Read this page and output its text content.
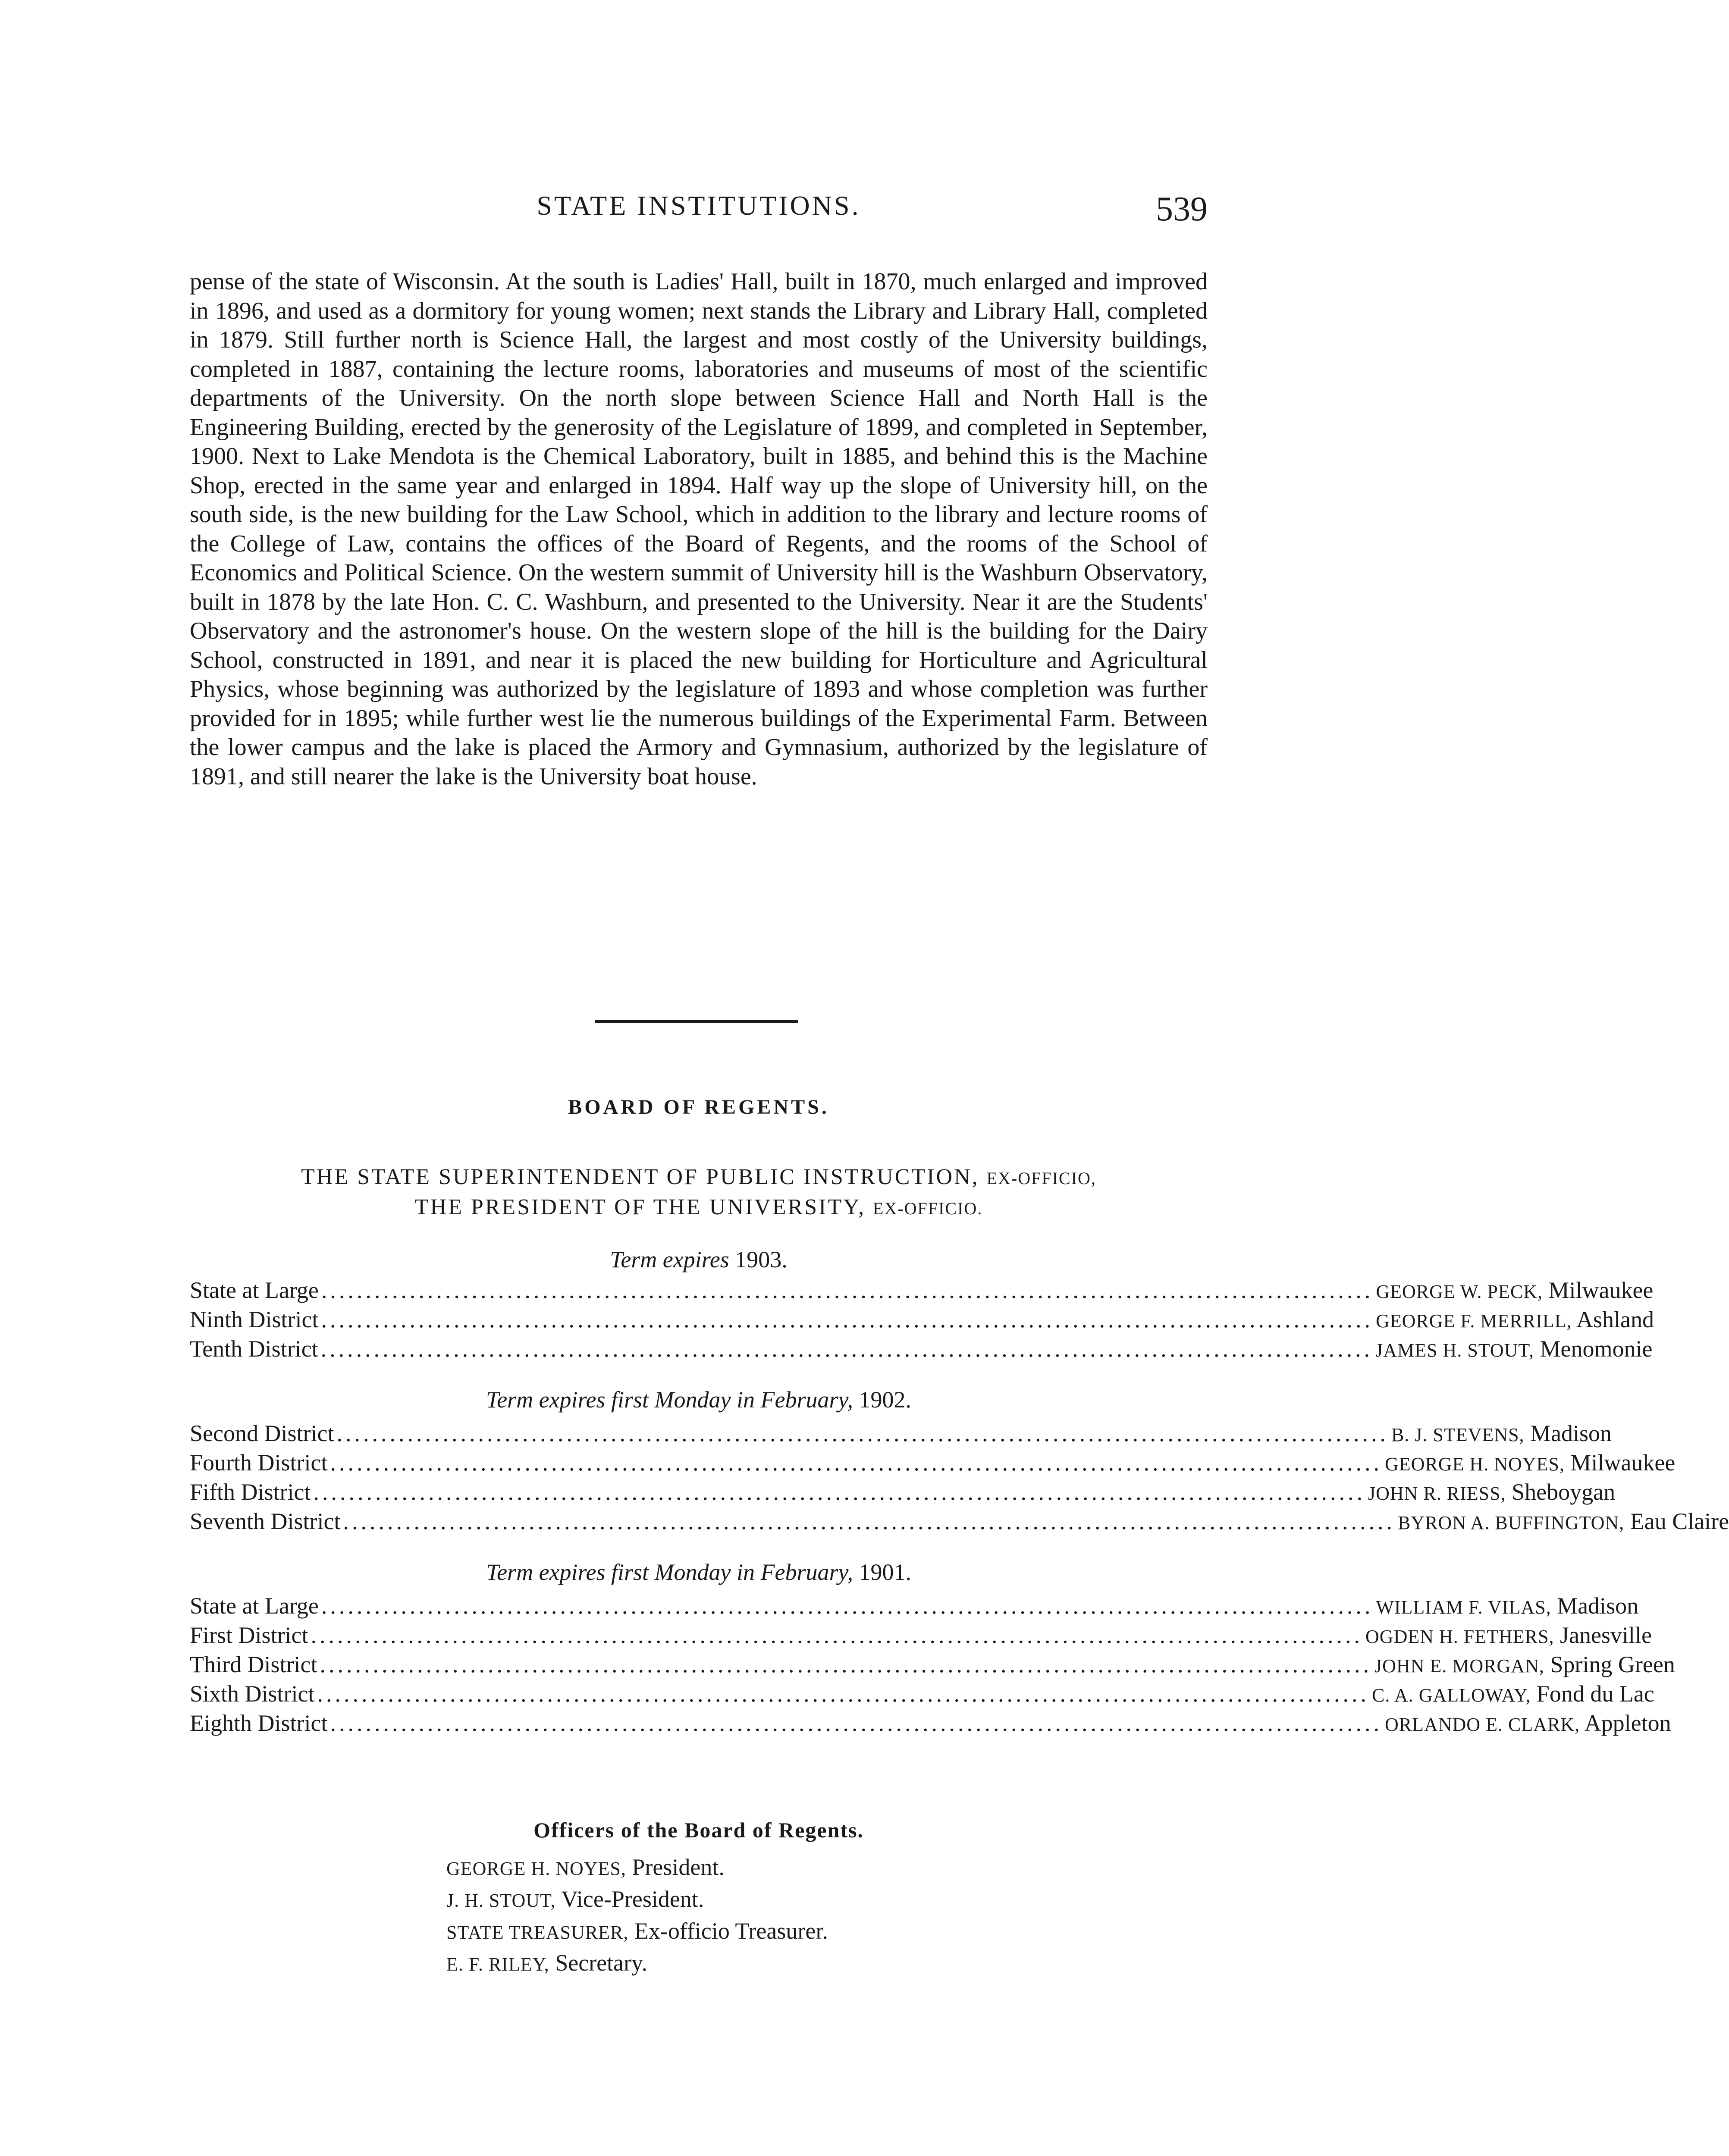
STATE INSTITUTIONS.	539

pense of the state of Wisconsin. At the south is Ladies' Hall, built in 1870, much enlarged and improved in 1896, and used as a dormitory for young women; next stands the Library and Library Hall, completed in 1879. Still further north is Science Hall, the largest and most costly of the University buildings, completed in 1887, containing the lecture rooms, laboratories and museums of most of the scientific departments of the University. On the north slope between Science Hall and North Hall is the Engineering Building, erected by the generosity of the Legislature of 1899, and completed in September, 1900. Next to Lake Mendota is the Chemical Laboratory, built in 1885, and behind this is the Machine Shop, erected in the same year and enlarged in 1894. Half way up the slope of University hill, on the south side, is the new building for the Law School, which in addition to the library and lecture rooms of the College of Law, contains the offices of the Board of Regents, and the rooms of the School of Economics and Political Science. On the western summit of University hill is the Washburn Observatory, built in 1878 by the late Hon. C. C. Washburn, and presented to the University. Near it are the Students' Observatory and the astronomer's house. On the western slope of the hill is the building for the Dairy School, constructed in 1891, and near it is placed the new building for Horticulture and Agricultural Physics, whose beginning was authorized by the legislature of 1893 and whose completion was further provided for in 1895; while further west lie the numerous buildings of the Experimental Farm. Between the lower campus and the lake is placed the Armory and Gymnasium, authorized by the legislature of 1891, and still nearer the lake is the University boat house.

BOARD OF REGENTS.
THE STATE SUPERINTENDENT OF PUBLIC INSTRUCTION, EX-OFFICIO,
THE PRESIDENT OF THE UNIVERSITY, EX-OFFICIO.
Term expires 1903.
State at Large ....................................................................................................................... GEORGE W. PECK, Milwaukee
Ninth District ....................................................................................................................... GEORGE F. MERRILL, Ashland
Tenth District ....................................................................................................................... JAMES H. STOUT, Menomonie
Term expires first Monday in February, 1902.
Second District ....................................................................................................................... B. J. STEVENS, Madison
Fourth District ....................................................................................................................... GEORGE H. NOYES, Milwaukee
Fifth District ....................................................................................................................... JOHN R. RIESS, Sheboygan
Seventh District ....................................................................................................................... BYRON A. BUFFINGTON, Eau Claire
Term expires first Monday in February, 1901.
State at Large ....................................................................................................................... WILLIAM F. VILAS, Madison
First District ....................................................................................................................... OGDEN H. FETHERS, Janesville
Third District ....................................................................................................................... JOHN E. MORGAN, Spring Green
Sixth District ....................................................................................................................... C. A. GALLOWAY, Fond du Lac
Eighth District ....................................................................................................................... ORLANDO E. CLARK, Appleton
Officers of the Board of Regents.
GEORGE H. NOYES, President.
J. H. STOUT, Vice-President.
STATE TREASURER, Ex-officio Treasurer.
E. F. RILEY, Secretary.
